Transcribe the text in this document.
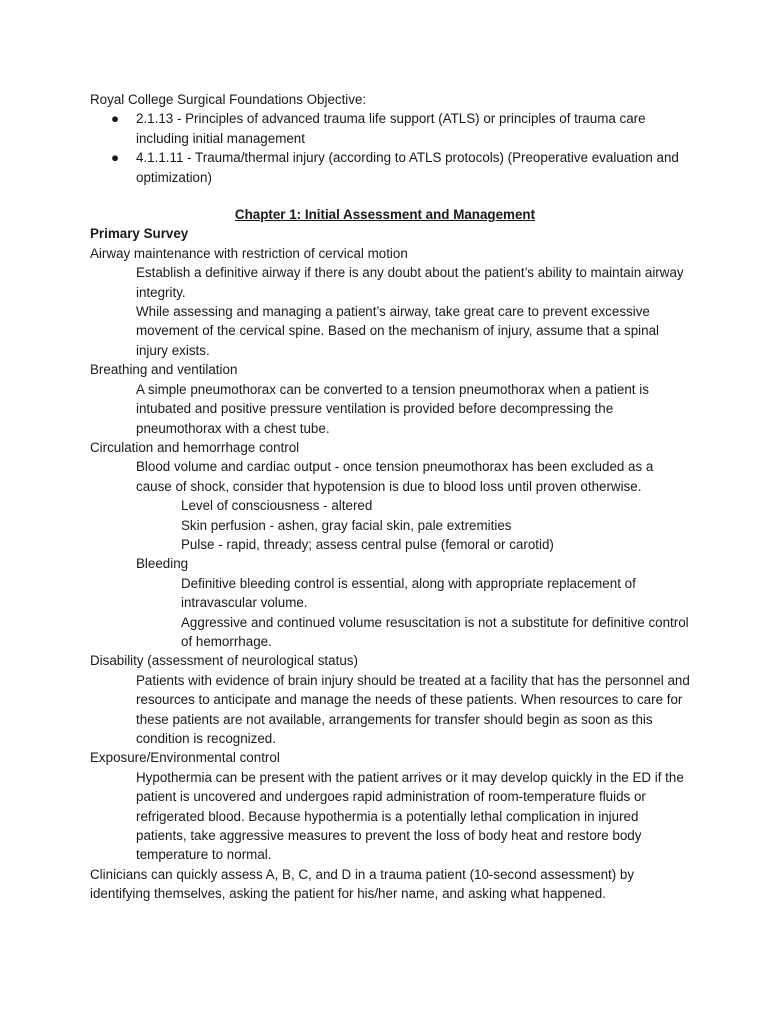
Royal College Surgical Foundations Objective:

● 2.1.13 - Principles of advanced trauma life support (ATLS) or principles of trauma care including initial management
● 4.1.1.11 - Trauma/thermal injury (according to ATLS protocols) (Preoperative evaluation and optimization)

Chapter 1: Initial Assessment and Management

Primary Survey

Airway maintenance with restriction of cervical motion

Establish a definitive airway if there is any doubt about the patient’s ability to maintain airway integrity.

While assessing and managing a patient’s airway, take great care to prevent excessive movement of the cervical spine. Based on the mechanism of injury, assume that a spinal injury exists.

Breathing and ventilation

A simple pneumothorax can be converted to a tension pneumothorax when a patient is intubated and positive pressure ventilation is provided before decompressing the pneumothorax with a chest tube.

Circulation and hemorrhage control

Blood volume and cardiac output - once tension pneumothorax has been excluded as a cause of shock, consider that hypotension is due to blood loss until proven otherwise.

Level of consciousness - altered

Skin perfusion - ashen, gray facial skin, pale extremities

Pulse - rapid, thready; assess central pulse (femoral or carotid)

Bleeding

Definitive bleeding control is essential, along with appropriate replacement of intravascular volume.

Aggressive and continued volume resuscitation is not a substitute for definitive control of hemorrhage.

Disability (assessment of neurological status)

Patients with evidence of brain injury should be treated at a facility that has the personnel and resources to anticipate and manage the needs of these patients. When resources to care for these patients are not available, arrangements for transfer should begin as soon as this condition is recognized.

Exposure/Environmental control

Hypothermia can be present with the patient arrives or it may develop quickly in the ED if the patient is uncovered and undergoes rapid administration of room-temperature fluids or refrigerated blood. Because hypothermia is a potentially lethal complication in injured patients, take aggressive measures to prevent the loss of body heat and restore body temperature to normal.

Clinicians can quickly assess A, B, C, and D in a trauma patient (10-second assessment) by identifying themselves, asking the patient for his/her name, and asking what happened.
